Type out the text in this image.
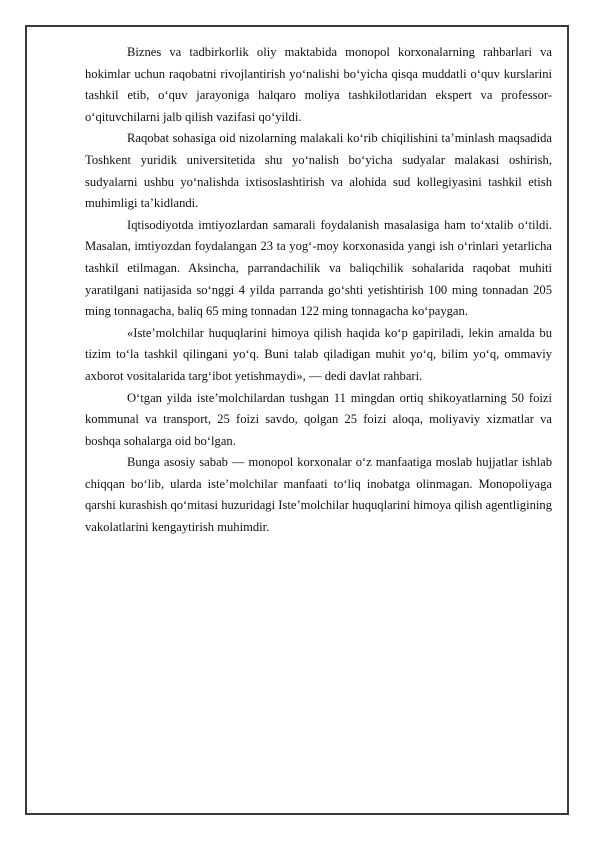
Biznes va tadbirkorlik oliy maktabida monopol korxonalarning rahbarlari va hokimlar uchun raqobatni rivojlantirish yo‘nalishi bo‘yicha qisqa muddatli o‘quv kurslarini tashkil etib, o‘quv jarayoniga halqaro moliya tashkilotlaridan ekspert va professor-o‘qituvchilarni jalb qilish vazifasi qo‘yildi.

Raqobat sohasiga oid nizolarning malakali ko‘rib chiqilishini ta’minlash maqsadida Toshkent yuridik universitetida shu yo‘nalish bo‘yicha sudyalar malakasi oshirish, sudyalarni ushbu yo‘nalishda ixtisoslashtirish va alohida sud kollegiyasini tashkil etish muhimligi ta’kidlandi.

Iqtisodiyotda imtiyozlardan samarali foydalanish masalasiga ham to‘xtalib o‘tildi. Masalan, imtiyozdan foydalangan 23 ta yog‘-moy korxonasida yangi ish o‘rinlari yetarlicha tashkil etilmagan. Aksincha, parrandachilik va baliqchilik sohalarida raqobat muhiti yaratilgani natijasida so‘nggi 4 yilda parranda go‘shti yetishtirish 100 ming tonnadan 205 ming tonnagacha, baliq 65 ming tonnadan 122 ming tonnagacha ko‘paygan.

«Iste’molchilar huquqlarini himoya qilish haqida ko‘p gapiriladi, lekin amalda bu tizim to‘la tashkil qilingani yo‘q. Buni talab qiladigan muhit yo‘q, bilim yo‘q, ommaviy axborot vositalarida targ‘ibot yetishmaydi», — dedi davlat rahbari.

O‘tgan yilda iste’molchilardan tushgan 11 mingdan ortiq shikoyatlarning 50 foizi kommunal va transport, 25 foizi savdo, qolgan 25 foizi aloqa, moliyaviy xizmatlar va boshqa sohalarga oid bo‘lgan.

Bunga asosiy sabab — monopol korxonalar o‘z manfaatiga moslab hujjatlar ishlab chiqqan bo‘lib, ularda iste’molchilar manfaati to‘liq inobatga olinmagan. Monopoliyaga qarshi kurashish qo‘mitasi huzuridagi Iste’molchilar huquqlarini himoya qilish agentligining vakolatlarini kengaytirish muhimdir.
